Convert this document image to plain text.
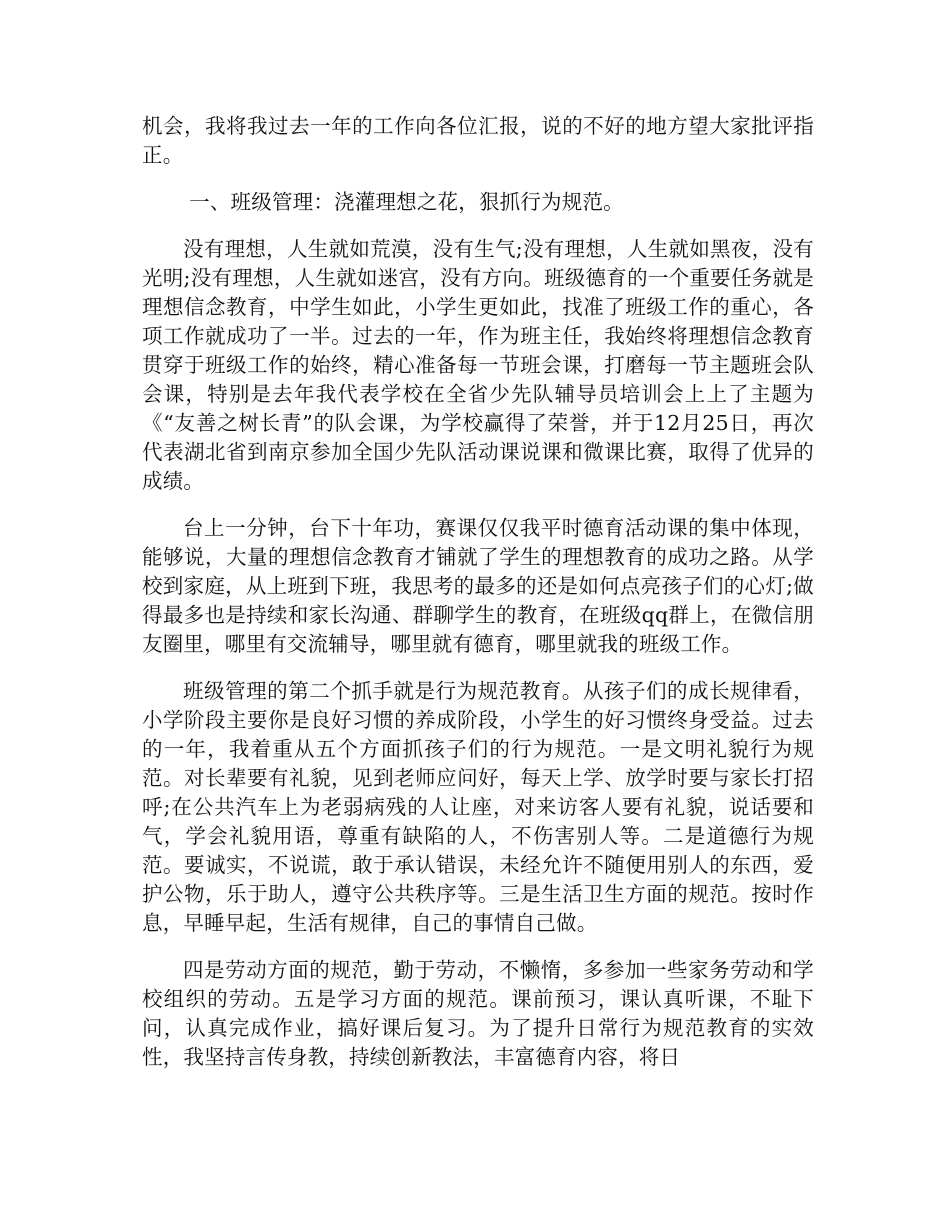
机会，我将我过去一年的工作向各位汇报，说的不好的地方望大家批评指正。

一、班级管理：浇灌理想之花，狠抓行为规范。

没有理想，人生就如荒漠，没有生气;没有理想，人生就如黑夜，没有光明;没有理想，人生就如迷宫，没有方向。班级德育的一个重要任务就是理想信念教育，中学生如此，小学生更如此，找准了班级工作的重心，各项工作就成功了一半。过去的一年，作为班主任，我始终将理想信念教育贯穿于班级工作的始终，精心准备每一节班会课，打磨每一节主题班会队会课，特别是去年我代表学校在全省少先队辅导员培训会上上了主题为《“友善之树长青”的队会课，为学校赢得了荣誉，并于12月25日，再次代表湖北省到南京参加全国少先队活动课说课和微课比赛，取得了优异的成绩。

台上一分钟，台下十年功，赛课仅仅我平时德育活动课的集中体现，能够说，大量的理想信念教育才铺就了学生的理想教育的成功之路。从学校到家庭，从上班到下班，我思考的最多的还是如何点亮孩子们的心灯;做得最多也是持续和家长沟通、群聊学生的教育，在班级qq群上，在微信朋友圈里，哪里有交流辅导，哪里就有德育，哪里就我的班级工作。

班级管理的第二个抓手就是行为规范教育。从孩子们的成长规律看，小学阶段主要你是良好习惯的养成阶段，小学生的好习惯终身受益。过去的一年，我着重从五个方面抓孩子们的行为规范。一是文明礼貌行为规范。对长辈要有礼貌，见到老师应问好，每天上学、放学时要与家长打招呼;在公共汽车上为老弱病残的人让座，对来访客人要有礼貌，说话要和气，学会礼貌用语，尊重有缺陷的人，不伤害别人等。二是道德行为规范。要诚实，不说谎，敢于承认错误，未经允许不随便用别人的东西，爱护公物，乐于助人，遵守公共秩序等。三是生活卫生方面的规范。按时作息，早睡早起，生活有规律，自己的事情自己做。

四是劳动方面的规范，勤于劳动，不懒惰，多参加一些家务劳动和学校组织的劳动。五是学习方面的规范。课前预习，课认真听课，不耻下问，认真完成作业，搞好课后复习。为了提升日常行为规范教育的实效性，我坚持言传身教，持续创新教法，丰富德育内容，将日
